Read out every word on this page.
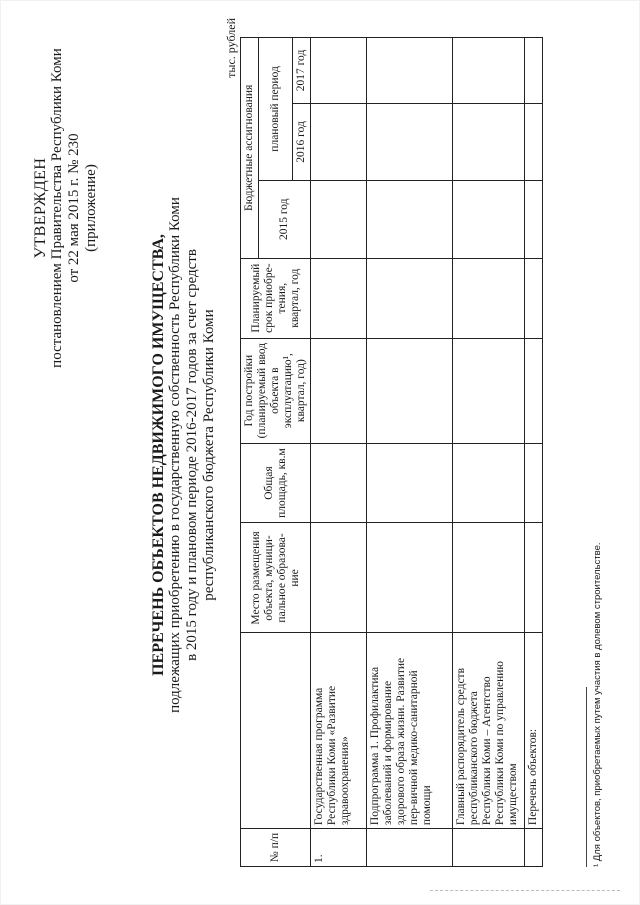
УТВЕРЖДЕН постановлением Правительства Республики Коми от 22 мая 2015 г. № 230 (приложение)
ПЕРЕЧЕНЬ ОБЪЕКТОВ НЕДВИЖИМОГО ИМУЩЕСТВА, подлежащих приобретению в государственную собственность Республики Коми в 2015 году и плановом периоде 2016-2017 годов за счет средств республиканского бюджета Республики Коми
тыс. рублей
№ п/п		Место размещения объекта, муници-пальное образова-ние	Общая площадь, кв.м	Год постройки (планируемый ввод объекта в эксплуатацию¹, квартал, год)	Планируемый срок приобре-тения, квартал, год	Бюджетные ассигнования		
						2015 год	плановый период	
							2016 год	2017 год
1.	Государственная программа Республики Коми «Развитие здравоохранения»							
	Подпрограмма 1. Профилактика заболеваний и формирование здорового образа жизни. Развитие пер-вичной медико-санитарной помощи							
	Главный распорядитель средств республиканского бюджета Республики Коми – Агентство Республики Коми по управлению имуществом							
	Перечень объектов:								¹ Для объектов, приобретаемых путем участия в долевом строительстве.
